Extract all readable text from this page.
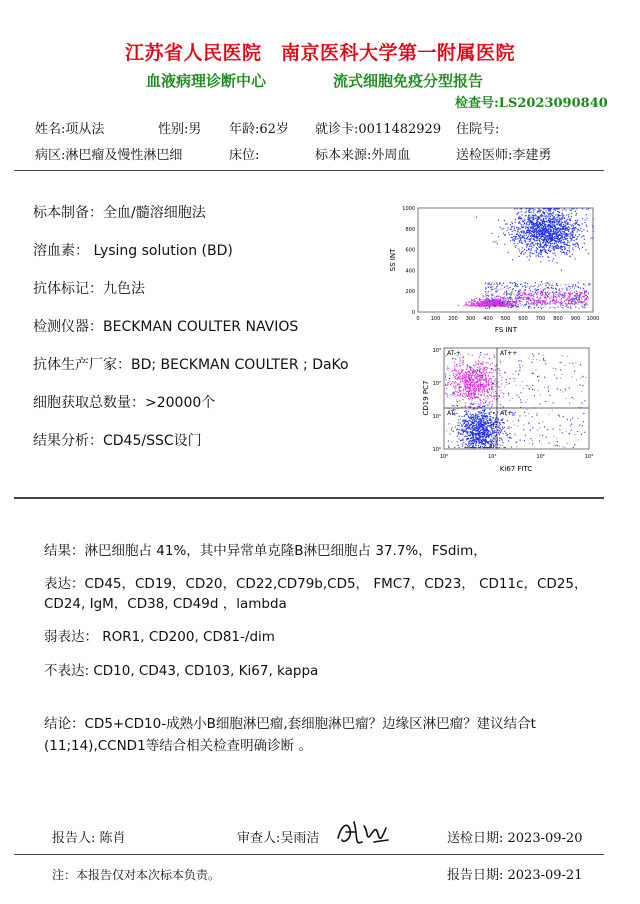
江苏省人民医院　南京医科大学第一附属医院
血液病理诊断中心	流式细胞免疫分型报告
检查号:LS2023090840
姓名:项从法	性别:男 年龄:62岁 就诊卡:0011482929 住院号:
病区:淋巴瘤及慢性淋巴细	床位:	标本来源:外周血	送检医师:李建勇
标本制备：全血/髓溶细胞法
溶血素： Lysing solution (BD)
抗体标记：九色法
检测仪器：BECKMAN COULTER NAVIOS
抗体生产厂家：BD; BECKMAN COULTER ; DaKo
细胞获取总数量：>20000个
结果分析：CD45/SSC设门
0 100 200 300 400 500 600 700 800 900 1000
0
200
400
600
800
1000
FS INT
SS INT
AT-+	AT++
AT--	AT+-
10⁰	10¹	10²	10³
10³
10²
10¹
10⁰
Ki67 FITC
CD19 PC7
结果：淋巴细胞占 41%，其中异常单克隆B淋巴细胞占 37.7%，FSdim，
表达：CD45，CD19，CD20，CD22,CD79b,CD5， FMC7，CD23， CD11c，CD25，
CD24, IgM，CD38, CD49d ，lambda
弱表达： ROR1, CD200, CD81-/dim
不表达: CD10, CD43, CD103, Ki67, kappa
结论：CD5+CD10-成熟小B细胞淋巴瘤,套细胞淋巴瘤？边缘区淋巴瘤？建议结合t
(11;14),CCND1等结合相关检查明确诊断 。
报告人: 陈肖	审查人:吴雨洁	送检日期: 2023-09-20
注：本报告仅对本次标本负责。	报告日期: 2023-09-21
